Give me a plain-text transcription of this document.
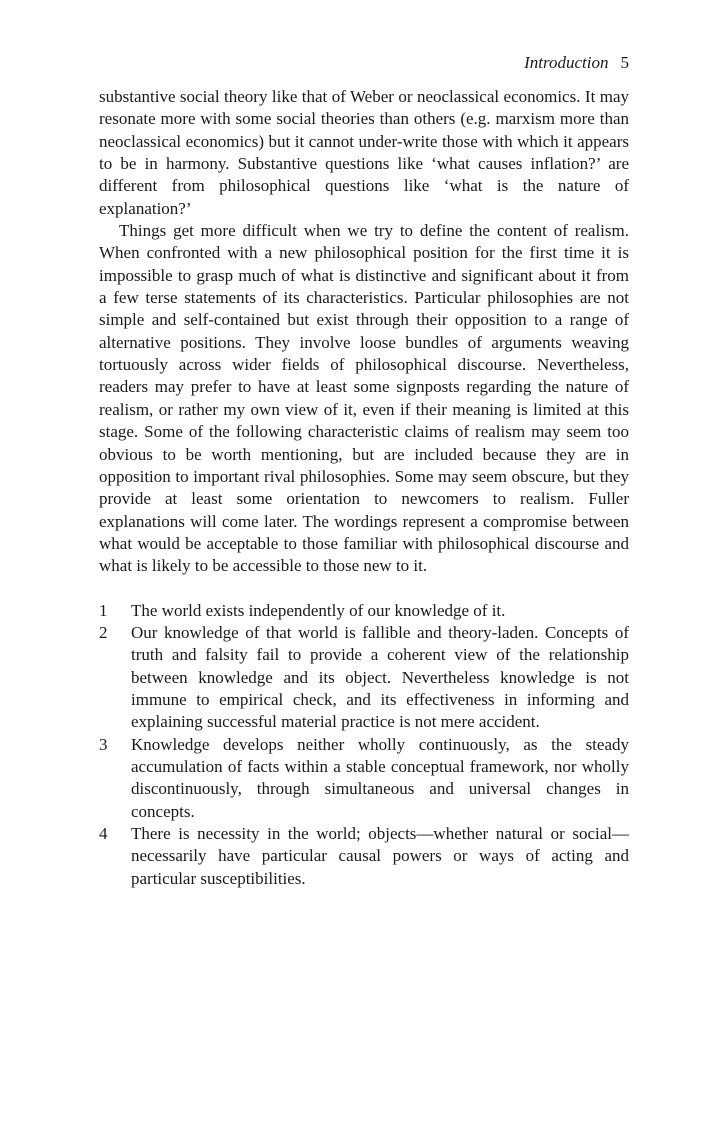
Introduction 5

substantive social theory like that of Weber or neoclassical economics. It may resonate more with some social theories than others (e.g. marxism more than neoclassical economics) but it cannot under-write those with which it appears to be in harmony. Substantive questions like ‘what causes inflation?’ are different from philosophical questions like ‘what is the nature of explanation?’

Things get more difficult when we try to define the content of realism. When confronted with a new philosophical position for the first time it is impossible to grasp much of what is distinctive and significant about it from a few terse statements of its characteristics. Particular philosophies are not simple and self-contained but exist through their opposition to a range of alternative positions. They involve loose bundles of arguments weaving tortuously across wider fields of philosophical discourse. Nevertheless, readers may prefer to have at least some signposts regarding the nature of realism, or rather my own view of it, even if their meaning is limited at this stage. Some of the following characteristic claims of realism may seem too obvious to be worth mentioning, but are included because they are in opposition to important rival philosophies. Some may seem obscure, but they provide at least some orientation to newcomers to realism. Fuller explanations will come later. The wordings represent a compromise between what would be acceptable to those familiar with philosophical discourse and what is likely to be accessible to those new to it.

1	The world exists independently of our knowledge of it.
2	Our knowledge of that world is fallible and theory-laden. Concepts of truth and falsity fail to provide a coherent view of the relationship between knowledge and its object. Nevertheless knowledge is not immune to empirical check, and its effectiveness in informing and explaining successful material practice is not mere accident.
3	Knowledge develops neither wholly continuously, as the steady accumulation of facts within a stable conceptual framework, nor wholly discontinuously, through simultaneous and universal changes in concepts.
4	There is necessity in the world; objects—whether natural or social—necessarily have particular causal powers or ways of acting and particular susceptibilities.
